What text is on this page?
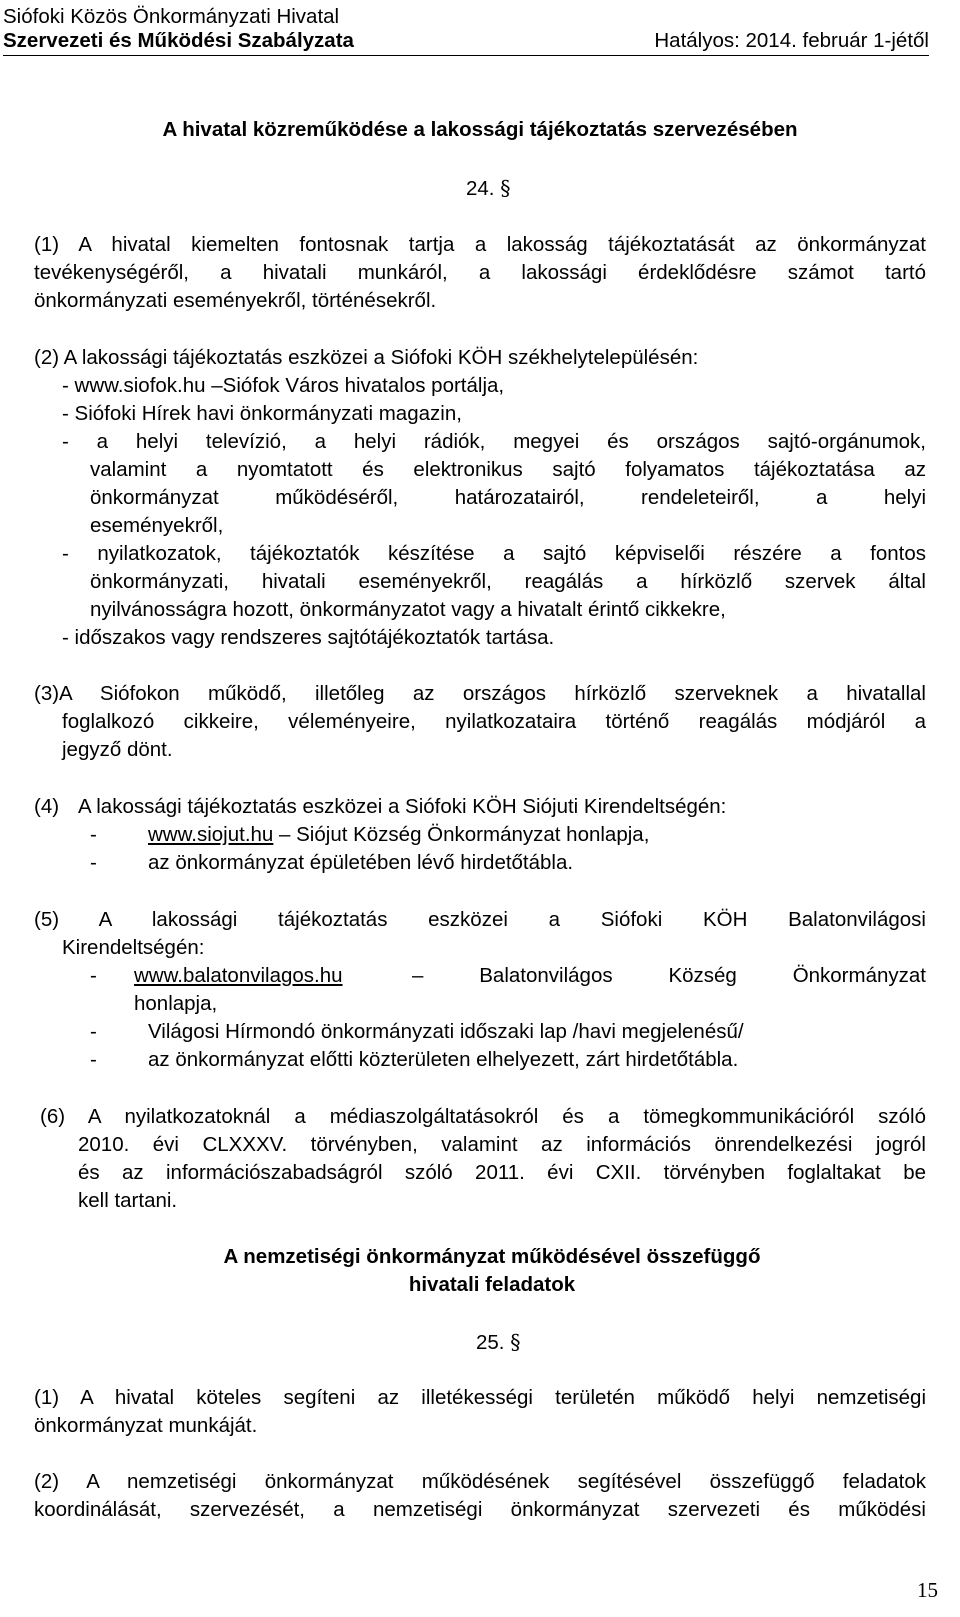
Siófoki Közös Önkormányzati Hivatal
Szervezeti és Működési Szabályzata	Hatályos: 2014. február 1-jétől
A hivatal közreműködése a lakossági tájékoztatás szervezésében
24. §
(1) A hivatal kiemelten fontosnak tartja a lakosság tájékoztatását az önkormányzat
tevékenységéről, a hivatali munkáról, a lakossági érdeklődésre számot tartó
önkormányzati eseményekről, történésekről.
(2) A lakossági tájékoztatás eszközei a Siófoki KÖH székhelytelepülésén:
- www.siofok.hu –Siófok Város hivatalos portálja,
- Siófoki Hírek havi önkormányzati magazin,
- a helyi televízió, a helyi rádiók, megyei és országos sajtó-orgánumok,
valamint a nyomtatott és elektronikus sajtó folyamatos tájékoztatása az
önkormányzat működéséről, határozatairól, rendeleteiről, a helyi
eseményekről,
- nyilatkozatok, tájékoztatók készítése a sajtó képviselői részére a fontos
önkormányzati, hivatali eseményekről, reagálás a hírközlő szervek által
nyilvánosságra hozott, önkormányzatot vagy a hivatalt érintő cikkekre,
- időszakos vagy rendszeres sajtótájékoztatók tartása.
(3)A Siófokon működő, illetőleg az országos hírközlő szerveknek a hivatallal
foglalkozó cikkeire, véleményeire, nyilatkozataira történő reagálás módjáról a
jegyző dönt.
(4) A lakossági tájékoztatás eszközei a Siófoki KÖH Siójuti Kirendeltségén:
- www.siojut.hu – Siójut Község Önkormányzat honlapja,
- az önkormányzat épületében lévő hirdetőtábla.
(5) A lakossági tájékoztatás eszközei a Siófoki KÖH Balatonvilágosi
Kirendeltségén:
- www.balatonvilagos.hu	– Balatonvilágos Község Önkormányzat
honlapja,
- Világosi Hírmondó önkormányzati időszaki lap /havi megjelenésű/
- az önkormányzat előtti közterületen elhelyezett, zárt hirdetőtábla.
(6) A nyilatkozatoknál a médiaszolgáltatásokról és a tömegkommunikációról szóló
2010. évi CLXXXV. törvényben, valamint az információs önrendelkezési jogról
és az információszabadságról szóló 2011. évi CXII. törvényben foglaltakat be
kell tartani.
A nemzetiségi önkormányzat működésével összefüggő
hivatali feladatok
25. §
(1) A hivatal köteles segíteni az illetékességi területén működő helyi nemzetiségi
önkormányzat munkáját.
(2) A nemzetiségi önkormányzat működésének segítésével összefüggő feladatok
koordinálását, szervezését, a nemzetiségi önkormányzat szervezeti és működési
15
